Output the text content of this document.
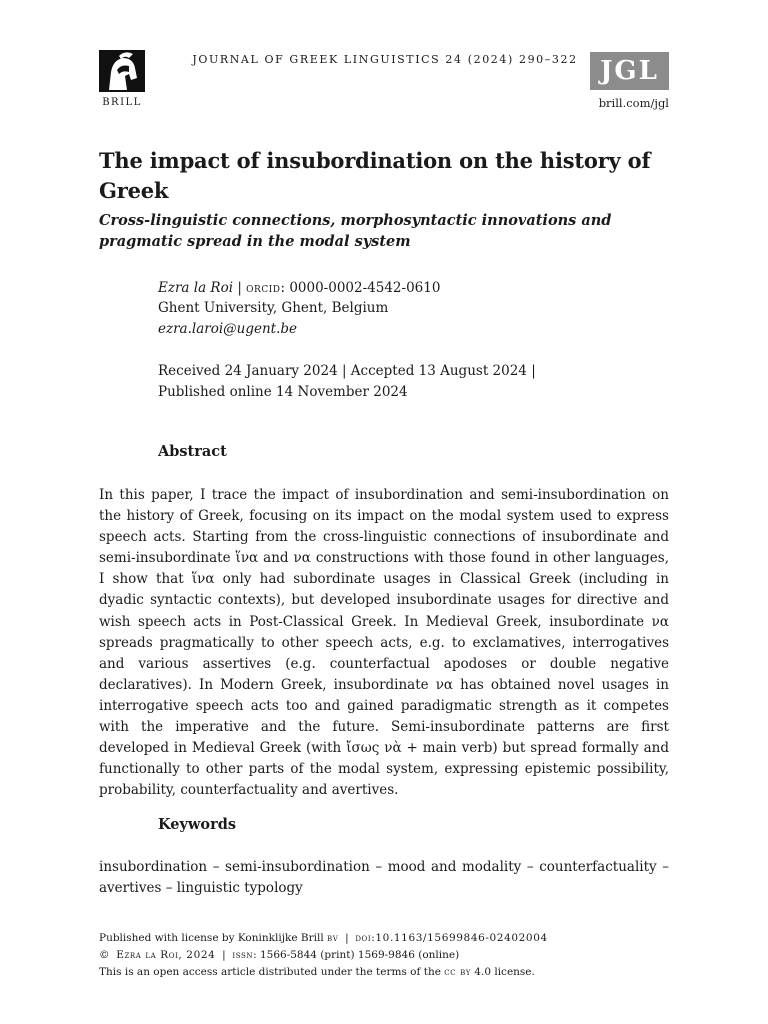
BRILL
JOURNAL OF GREEK LINGUISTICS 24 (2024) 290–322 JGL
brill.com/jgl
The impact of insubordination on the history of Greek
Cross-linguistic connections, morphosyntactic innovations and pragmatic spread in the modal system
Ezra la Roi | orcid: 0000-0002-4542-0610
Ghent University, Ghent, Belgium
ezra.laroi@ugent.be
Received 24 January 2024 | Accepted 13 August 2024 | Published online 14 November 2024
Abstract
In this paper, I trace the impact of insubordination and semi-insubordination on the history of Greek, focusing on its impact on the modal system used to express speech acts. Starting from the cross-linguistic connections of insubordinate and semi-insubordinate ἵνα and να constructions with those found in other languages, I show that ἵνα only had subordinate usages in Classical Greek (including in dyadic syntactic contexts), but developed insubordinate usages for directive and wish speech acts in Post-Classical Greek. In Medieval Greek, insubordinate να spreads pragmatically to other speech acts, e.g. to exclamatives, interrogatives and various assertives (e.g. counterfactual apodoses or double negative declaratives). In Modern Greek, insubordinate να has obtained novel usages in interrogative speech acts too and gained paradigmatic strength as it competes with the imperative and the future. Semi-insubordinate patterns are first developed in Medieval Greek (with ἴσως νὰ + main verb) but spread formally and functionally to other parts of the modal system, expressing epistemic possibility, probability, counterfactuality and avertives.
Keywords
insubordination – semi-insubordination – mood and modality – counterfactuality – avertives – linguistic typology
Published with license by Koninklijke Brill bv  |  doi:10.1163/15699846-02402004
© Ezra la Roi, 2024  |  issn: 1566-5844 (print) 1569-9846 (online)
This is an open access article distributed under the terms of the cc by 4.0 license.
